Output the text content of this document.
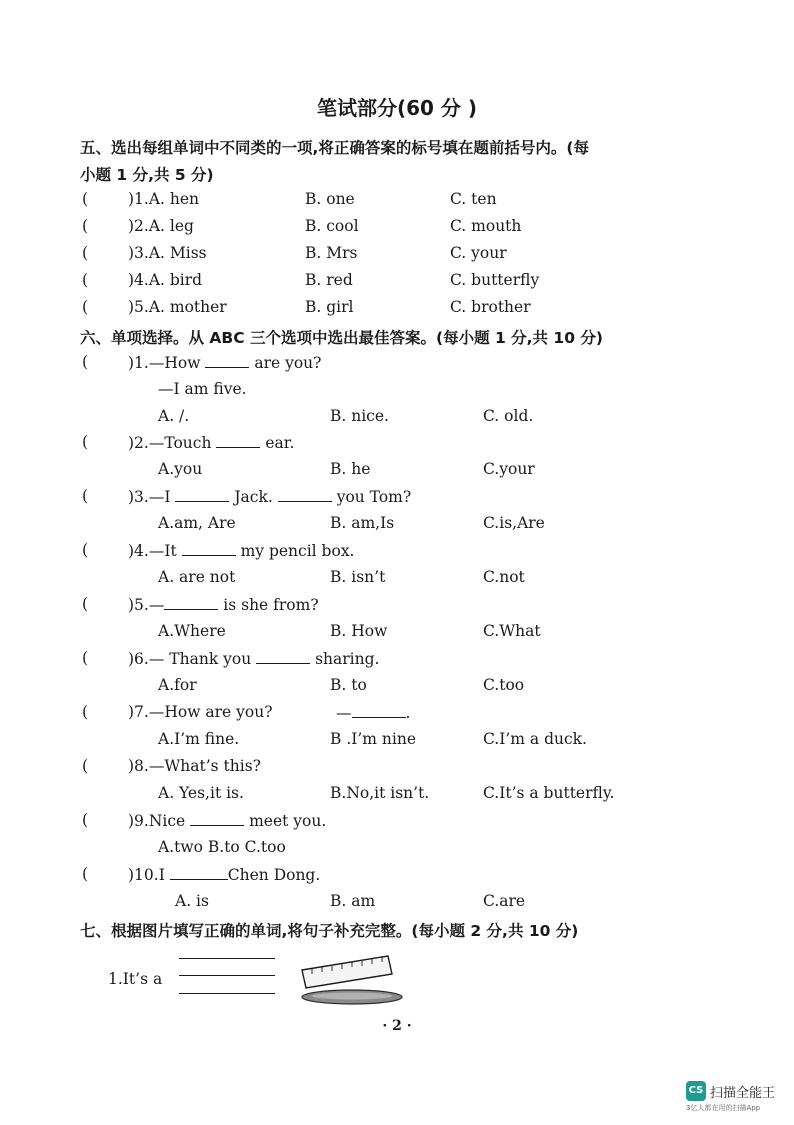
笔试部分(60 分 )
五、选出每组单词中不同类的一项,将正确答案的标号填在题前括号内。(每
小题 1 分,共 5 分)
(	)1.A. hen	B. one	C. ten
(	)2.A. leg	B. cool	C. mouth
(	)3.A. Miss	B. Mrs	C. your
(	)4.A. bird	B. red	C. butterfly
(	)5.A. mother	B. girl	C. brother
六、单项选择。从 ABC 三个选项中选出最佳答案。(每小题 1 分,共 10 分)
(	)1.—How	are you?
—I am five.
A. /.	B. nice.	C. old.
(	)2.—Touch	ear.
A.you	B. he	C.your
(	)3.—I	Jack.	you Tom?
A.am, Are	B. am,Is	C.is,Are
(	)4.—It	my pencil box.
A. are not	B. isn’t	C.not
(	)5.—	is she from?
A.Where	B. How	C.What
(	)6.— Thank you	sharing.
A.for	B. to	C.too
(	)7.—How are you?	—	.
A.I’m fine.	B .I’m nine	C.I’m a duck.
(	)8.—What’s this?
A. Yes,it is.	B.No,it isn’t.	C.It’s a butterfly.
(	)9.Nice	meet you.
A.two B.to C.too
(	)10.I	Chen Dong.
A. is	B. am	C.are
七、根据图片填写正确的单词,将句子补充完整。(每小题 2 分,共 10 分)
1.It’s a
· 2 ·
CS 扫描全能王
3亿人都在用的扫描App
